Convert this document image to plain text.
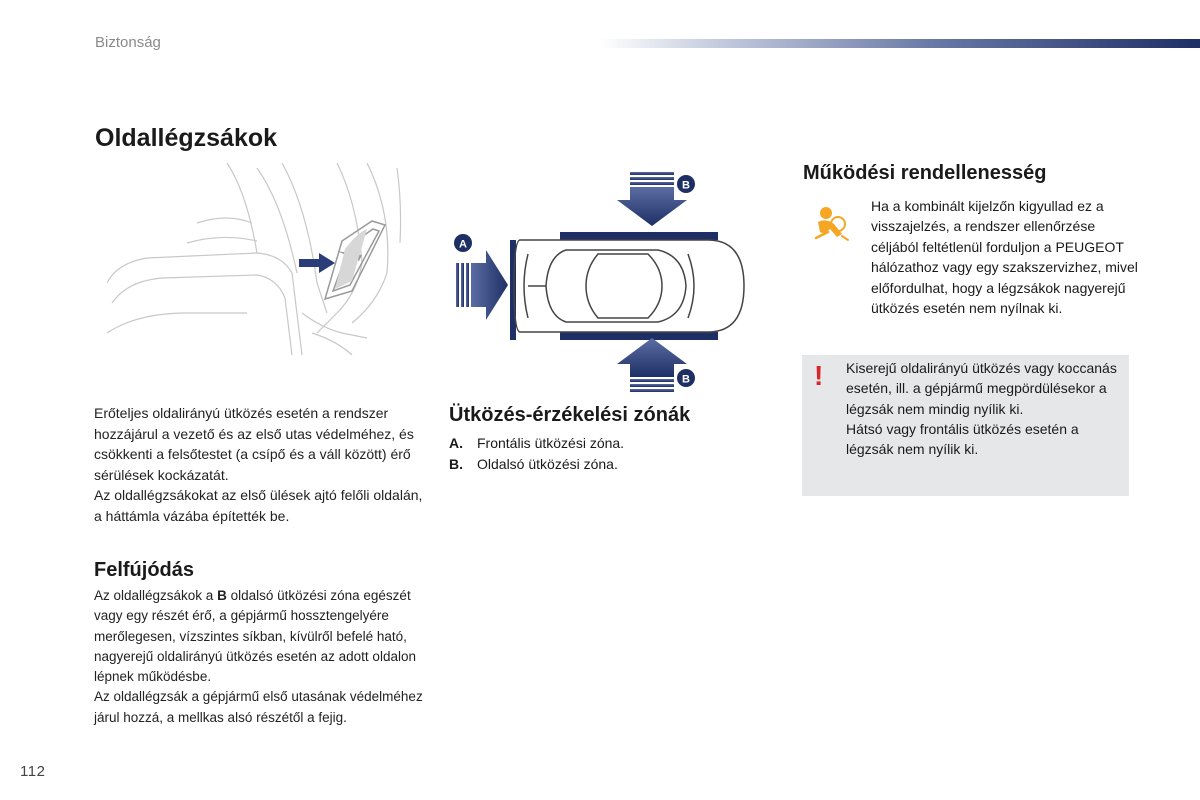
Biztonság
Oldallégzsákok
A
B
B

Erőteljes oldalirányú ütközés esetén a rendszer hozzájárul a vezető és az első utas védelméhez, és csökkenti a felsőtestet (a csípő és a váll között) érő sérülések kockázatát.

Az oldallégzsákokat az első ülések ajtó felőli oldalán, a háttámla vázába építették be.

Ütközés-érzékelési zónák
A. Frontális ütközési zóna.
B. Oldalsó ütközési zóna.
Felfújódás

Az oldallégzsákok a B oldalsó ütközési zóna egészét vagy egy részét érő, a gépjármű hossztengelyére merőlegesen, vízszintes síkban, kívülről befelé ható, nagyerejű oldalirányú ütközés esetén az adott oldalon lépnek működésbe.

Az oldallégzsák a gépjármű első utasának védelméhez járul hozzá, a mellkas alsó részétől a fejig.

Működési rendellenesség
Ha a kombinált kijelzőn kigyullad ez a visszajelzés, a rendszer ellenőrzése céljából feltétlenül forduljon a PEUGEOT hálózathoz vagy egy szakszervizhez, mivel előfordulhat, hogy a légzsákok nagyerejű ütközés esetén nem nyílnak ki.
! Kiserejű oldalirányú ütközés vagy koccanás esetén, ill. a gépjármű megpördülésekor a légzsák nem mindig nyílik ki.

Hátsó vagy frontális ütközés esetén a légzsák nem nyílik ki.

112
